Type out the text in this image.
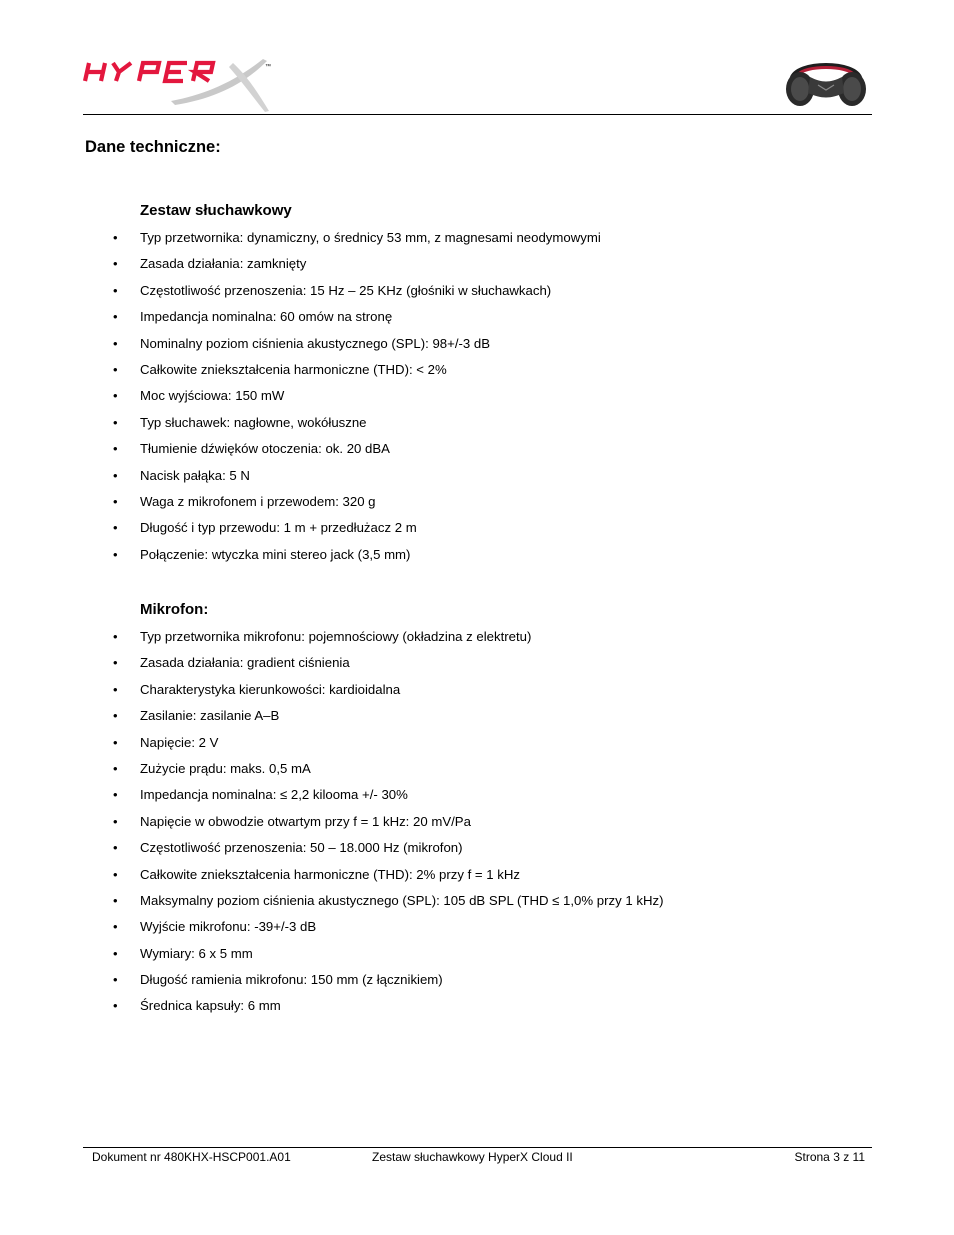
™
Dane techniczne:
Zestaw słuchawkowy
• Typ przetwornika: dynamiczny, o średnicy 53 mm, z magnesami neodymowymi
• Zasada działania: zamknięty
• Częstotliwość przenoszenia: 15 Hz – 25 KHz (głośniki w słuchawkach)
• Impedancja nominalna: 60 omów na stronę
• Nominalny poziom ciśnienia akustycznego (SPL): 98+/-3 dB
• Całkowite zniekształcenia harmoniczne (THD): < 2%
• Moc wyjściowa: 150 mW
• Typ słuchawek: nagłowne, wokółuszne
• Tłumienie dźwięków otoczenia: ok. 20 dBA
• Nacisk pałąka: 5 N
• Waga z mikrofonem i przewodem: 320 g
• Długość i typ przewodu: 1 m + przedłużacz 2 m
• Połączenie: wtyczka mini stereo jack (3,5 mm)
Mikrofon:
• Typ przetwornika mikrofonu: pojemnościowy (okładzina z elektretu)
• Zasada działania: gradient ciśnienia
• Charakterystyka kierunkowości: kardioidalna
• Zasilanie: zasilanie A–B
• Napięcie: 2 V
• Zużycie prądu: maks. 0,5 mA
• Impedancja nominalna: ≤ 2,2 kilooma +/- 30%
• Napięcie w obwodzie otwartym przy f = 1 kHz: 20 mV/Pa
• Częstotliwość przenoszenia: 50 – 18.000 Hz (mikrofon)
• Całkowite zniekształcenia harmoniczne (THD): 2% przy f = 1 kHz
• Maksymalny poziom ciśnienia akustycznego (SPL): 105 dB SPL (THD ≤ 1,0% przy 1 kHz)
• Wyjście mikrofonu: -39+/-3 dB
• Wymiary: 6 x 5 mm
• Długość ramienia mikrofonu: 150 mm (z łącznikiem)
• Średnica kapsuły: 6 mm
Dokument nr 480KHX-HSCP001.A01	Zestaw słuchawkowy HyperX Cloud II	Strona 3 z 11
